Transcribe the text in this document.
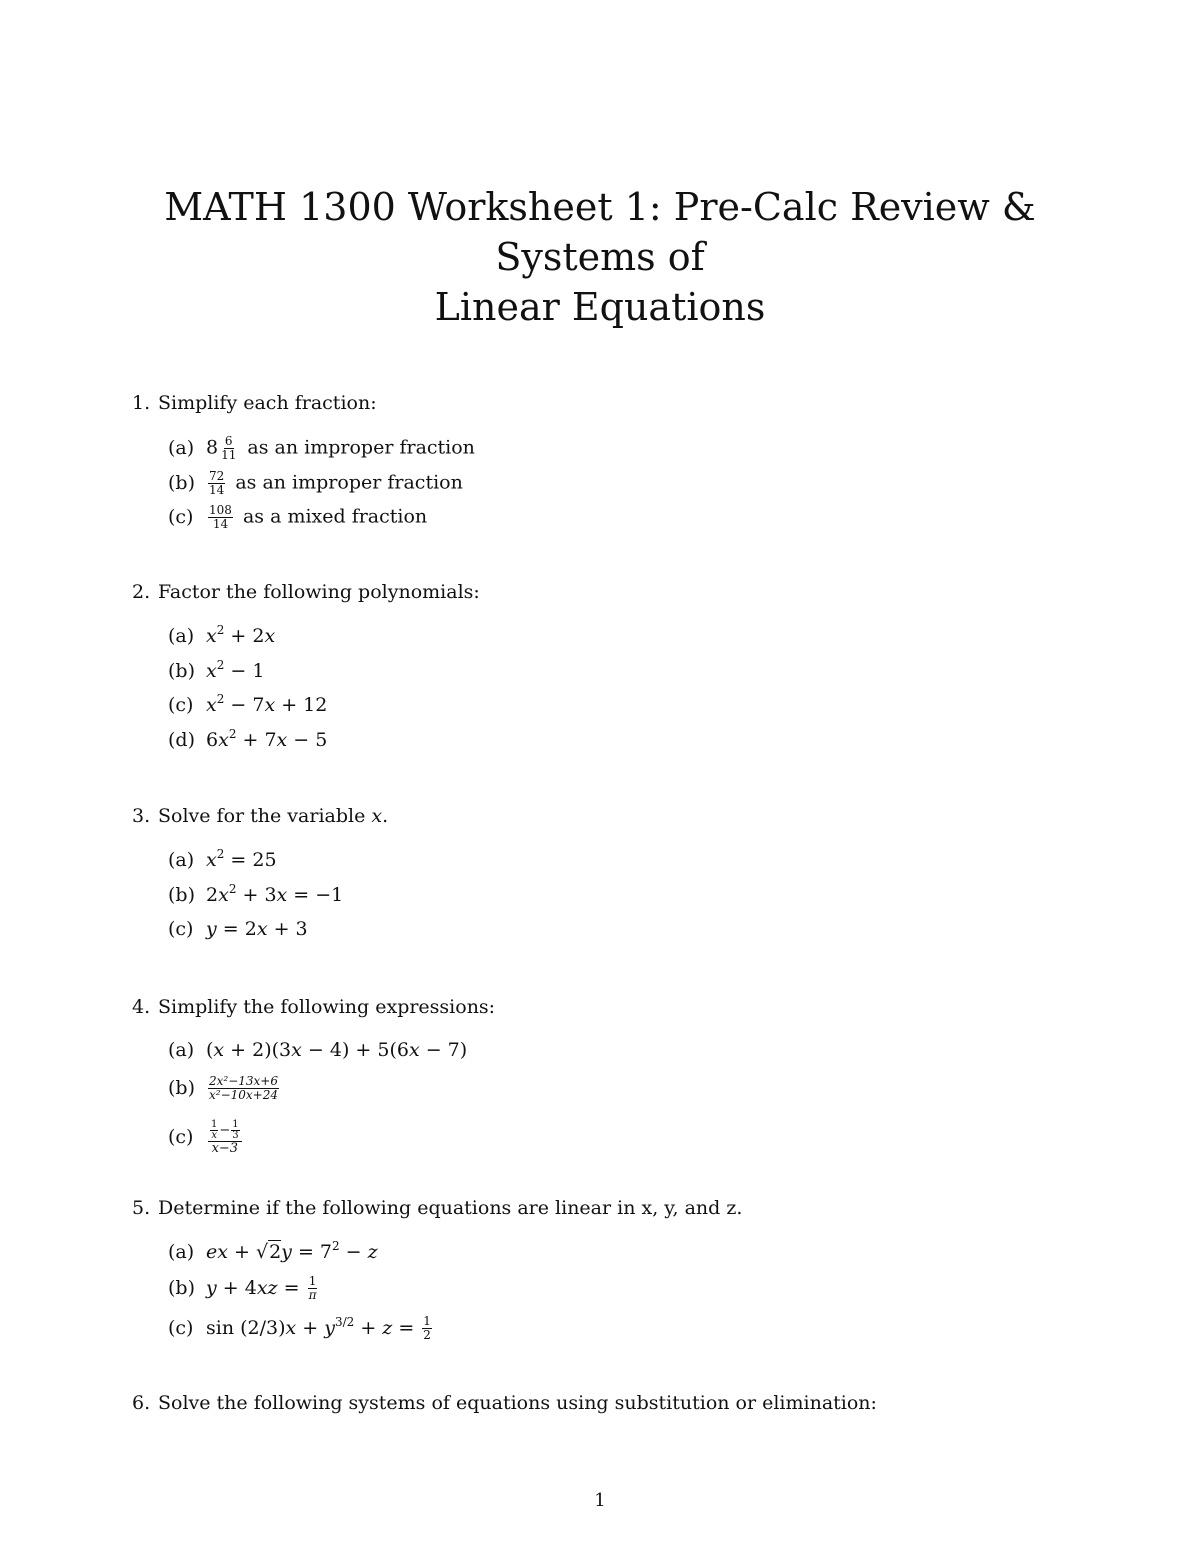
MATH 1300 Worksheet 1: Pre-Calc Review & Systems of
Linear Equations
1. Simplify each fraction:
(a) $8 \frac{6}{11}$ as an improper fraction
$(b) \frac{72}{14}$ as an improper fraction
$(c) \frac{108}{14}$ as a mixed fraction
2. Factor the following polynomials:
(a) $x^2 + 2x$
(b) $x^2 - 1$
(c) $x^2 - 7x + 12$
(d) $6x^2 + 7x - 5$
3. Solve for the variable x.
(a) $x^2 = 25$
(b) $2x^2 + 3x = -1$
(c) y = 2x + 3
4. Simplify the following expressions:
(a) (x + 2)(3x − 4) + 5(6x − 7)
$(b) \frac{\text{2x²−13x+6}}{\text{x²−10x+24}}$
$(c) \frac{\frac{1}{x} - \frac{1}{3}}{x-3}$
5. Determine if the following equations are linear in x, y, and z.
(a) ex + $√2y = 7^2 - z$
(b) $y + 4xz = \frac{1}{\pi}$
(c) $\sin (2/3)x + y^{3/2} + z = \frac{1}{2}$
6. Solve the following systems of equations using substitution or elimination:
1
